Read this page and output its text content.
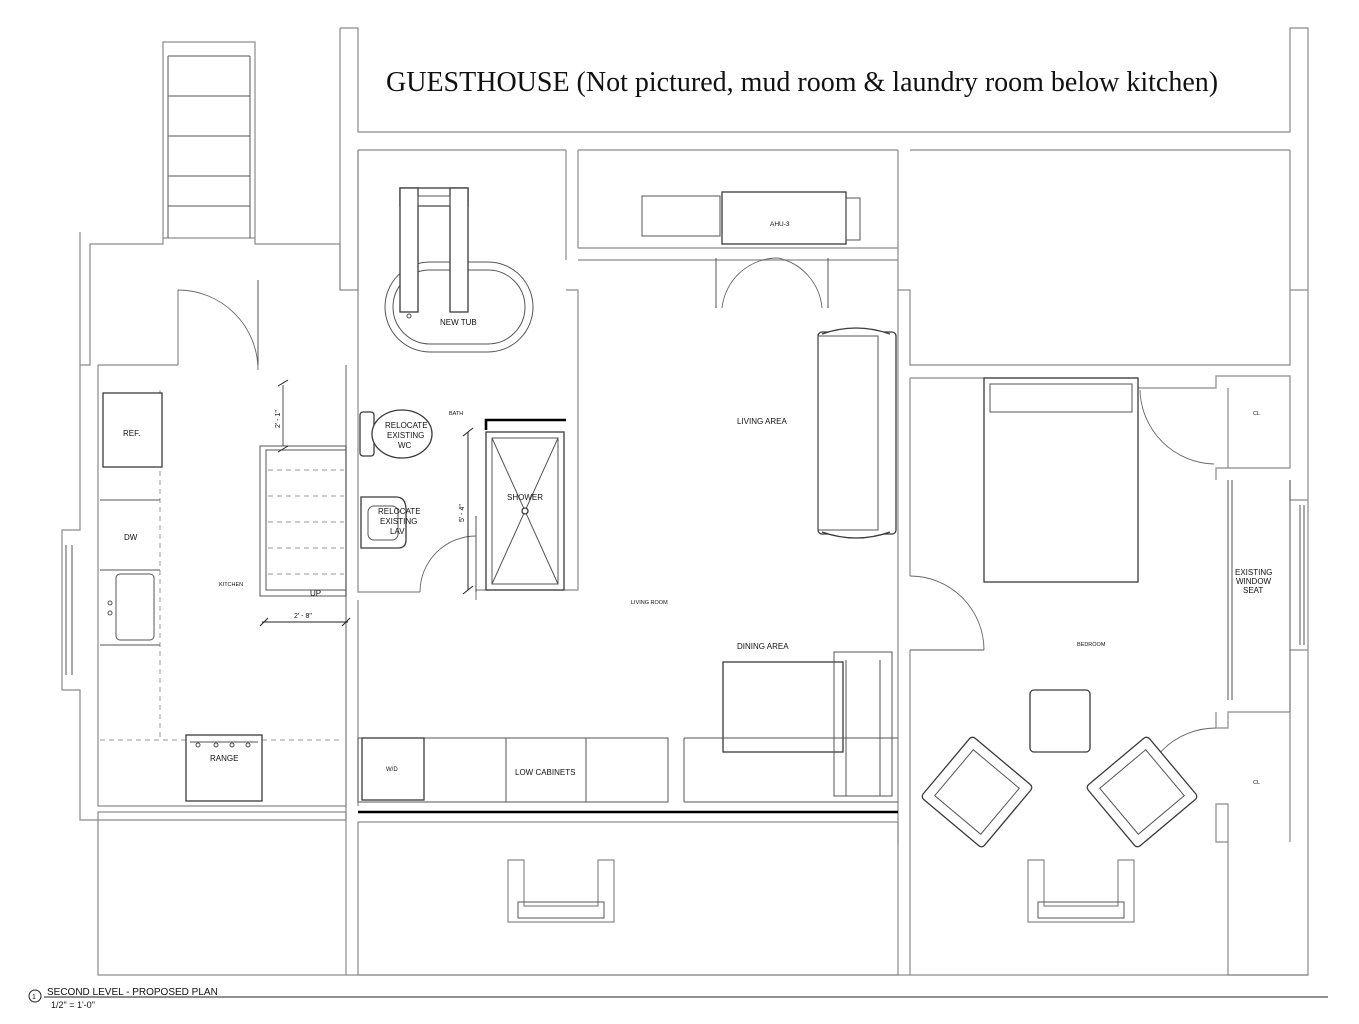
GUESTHOUSE (Not pictured, mud room & laundry room below kitchen)
REF.
DW
RANGE
KITCHEN
UP
2' - 1"
2' - 8"
NEW TUB
BATH
RELOCATE
EXISTING
WC
RELOCATE
EXISTING
LAV
SHOWER
5' - 4"
AHU-3
LIVING AREA
LIVING ROOM
DINING AREA
W/D	LOW CABINETS
BEDROOM
CL
CL
EXISTING
WINDOW
SEAT
1 SECOND LEVEL - PROPOSED PLAN
1/2" = 1'-0"
